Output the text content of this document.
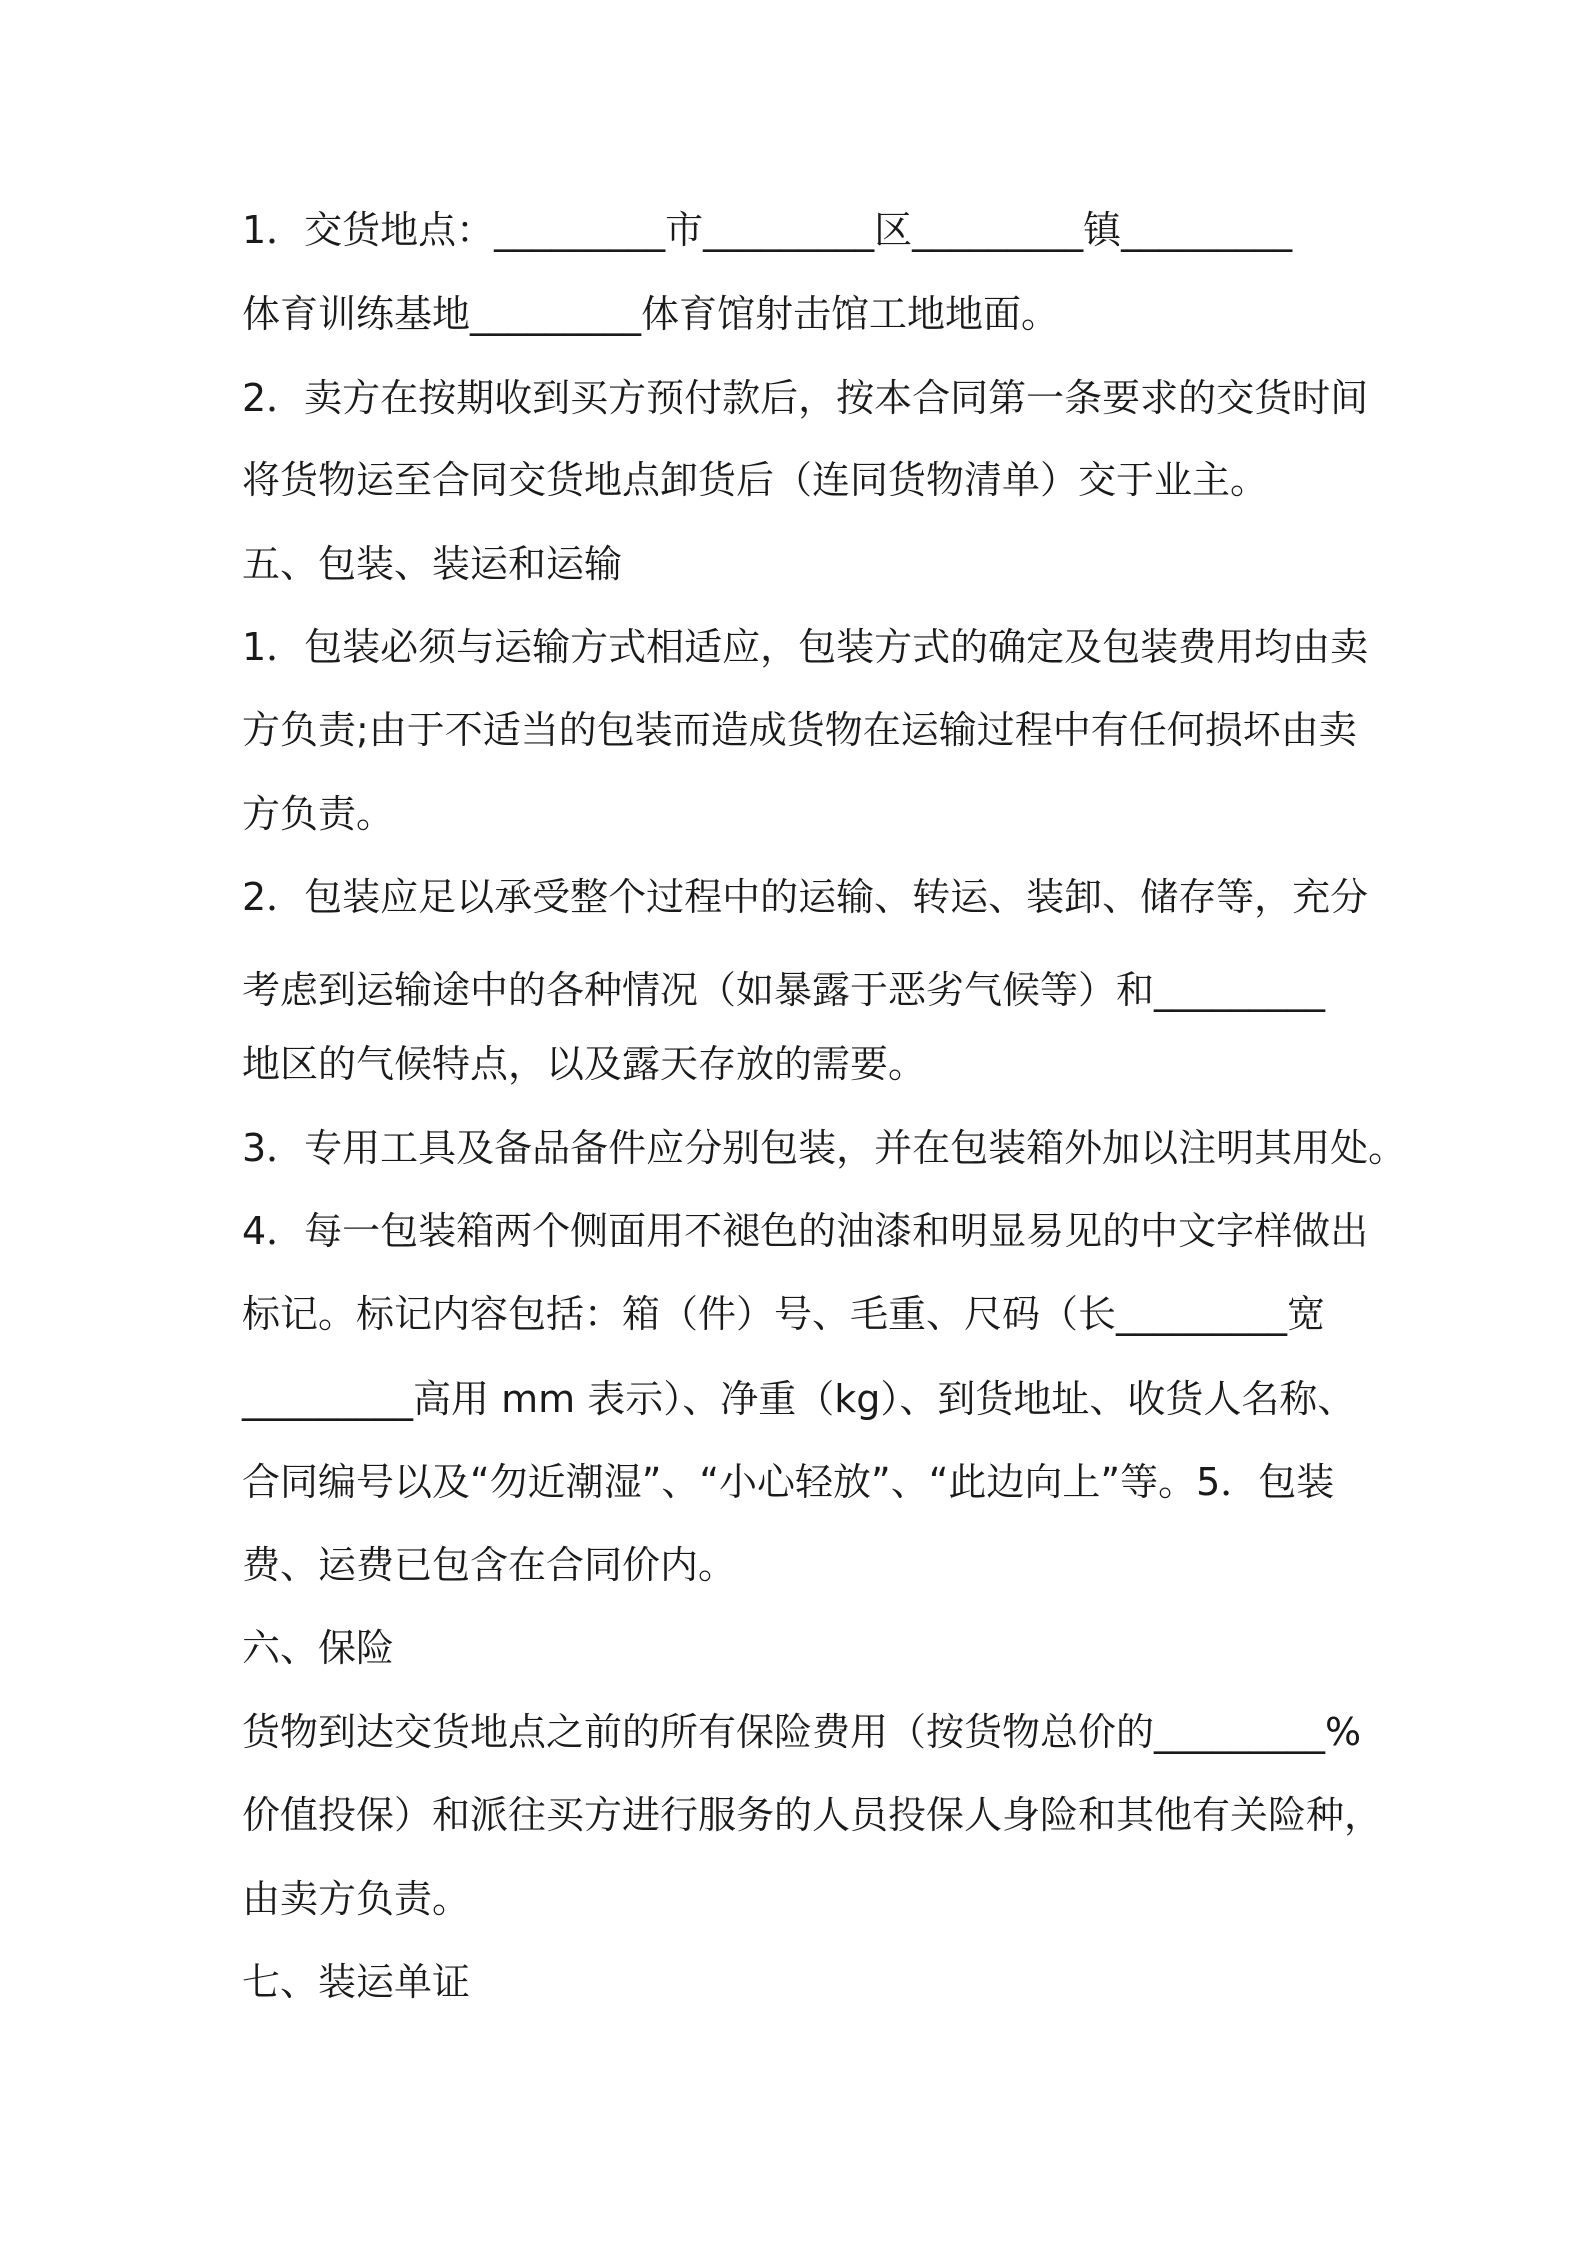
1．交货地点：_________市_________区_________镇_________
体育训练基地_________体育馆射击馆工地地面。
2．卖方在按期收到买方预付款后，按本合同第一条要求的交货时间
将货物运至合同交货地点卸货后（连同货物清单）交于业主。
五、包装、装运和运输
1．包装必须与运输方式相适应，包装方式的确定及包装费用均由卖
方负责;由于不适当的包装而造成货物在运输过程中有任何损坏由卖
方负责。
2．包装应足以承受整个过程中的运输、转运、装卸、储存等，充分
考虑到运输途中的各种情况（如暴露于恶劣气候等）和_________
地区的气候特点，以及露天存放的需要。
3．专用工具及备品备件应分别包装，并在包装箱外加以注明其用处。
4．每一包装箱两个侧面用不褪色的油漆和明显易见的中文字样做出
标记。标记内容包括：箱（件）号、毛重、尺码（长_________宽
_________高用 mm 表示）、净重（kg）、到货地址、收货人名称、
合同编号以及“勿近潮湿”、“小心轻放”、“此边向上”等。5．包装
费、运费已包含在合同价内。
六、保险
货物到达交货地点之前的所有保险费用（按货物总价的_________%
价值投保）和派往买方进行服务的人员投保人身险和其他有关险种，
由卖方负责。
七、装运单证
